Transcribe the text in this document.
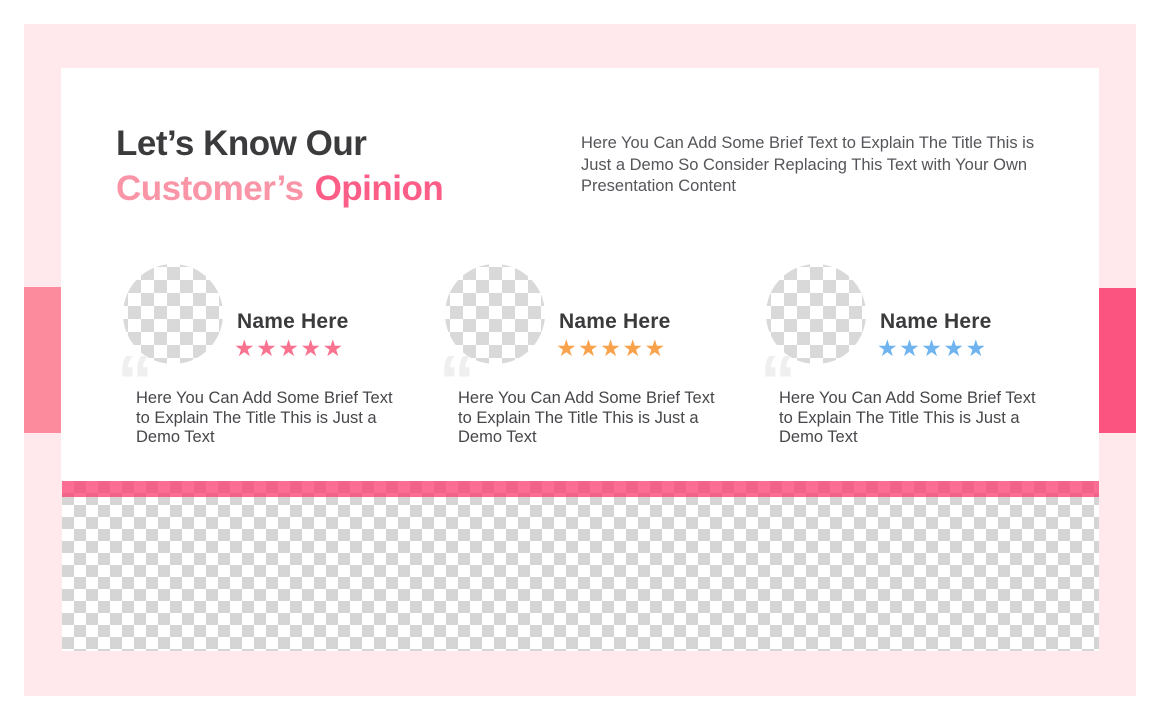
Let’s Know Our
Customer’s Opinion
Here You Can Add Some Brief Text to Explain The Title This is Just a Demo So Consider Replacing This Text with Your Own Presentation Content
Name Here
★★★★★
“
Here You Can Add Some Brief Text to Explain The Title This is Just a Demo Text
Name Here
★★★★★
“
Here You Can Add Some Brief Text to Explain The Title This is Just a Demo Text
Name Here
★★★★★
“
Here You Can Add Some Brief Text to Explain The Title This is Just a Demo Text
